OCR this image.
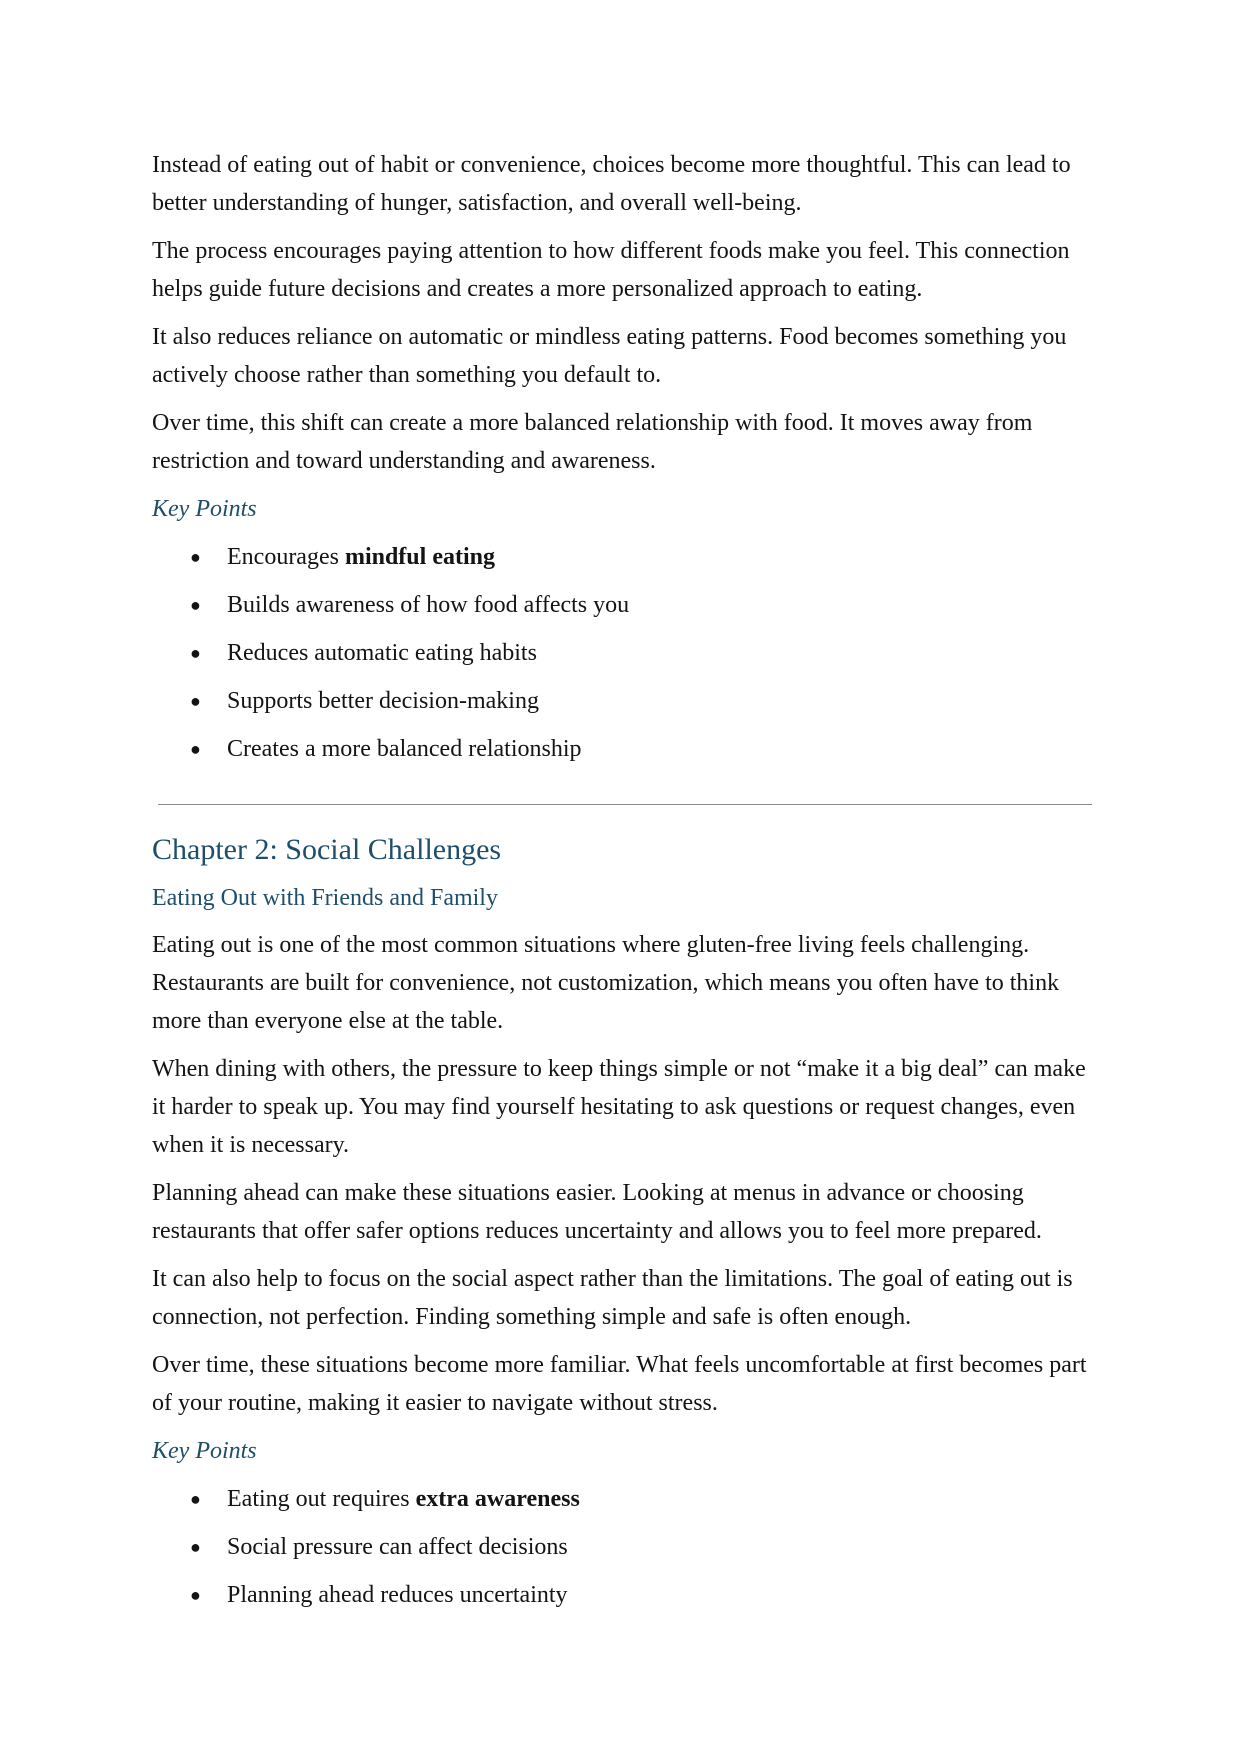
Instead of eating out of habit or convenience, choices become more thoughtful. This can lead to better understanding of hunger, satisfaction, and overall well-being.

The process encourages paying attention to how different foods make you feel. This connection helps guide future decisions and creates a more personalized approach to eating.

It also reduces reliance on automatic or mindless eating patterns. Food becomes something you actively choose rather than something you default to.

Over time, this shift can create a more balanced relationship with food. It moves away from restriction and toward understanding and awareness.

Key Points
● Encourages mindful eating
● Builds awareness of how food affects you
● Reduces automatic eating habits
● Supports better decision-making
● Creates a more balanced relationship
Chapter 2: Social Challenges
Eating Out with Friends and Family

Eating out is one of the most common situations where gluten-free living feels challenging. Restaurants are built for convenience, not customization, which means you often have to think more than everyone else at the table.

When dining with others, the pressure to keep things simple or not “make it a big deal” can make it harder to speak up. You may find yourself hesitating to ask questions or request changes, even when it is necessary.

Planning ahead can make these situations easier. Looking at menus in advance or choosing restaurants that offer safer options reduces uncertainty and allows you to feel more prepared.

It can also help to focus on the social aspect rather than the limitations. The goal of eating out is connection, not perfection. Finding something simple and safe is often enough.

Over time, these situations become more familiar. What feels uncomfortable at first becomes part of your routine, making it easier to navigate without stress.

Key Points
● Eating out requires extra awareness
● Social pressure can affect decisions
● Planning ahead reduces uncertainty
